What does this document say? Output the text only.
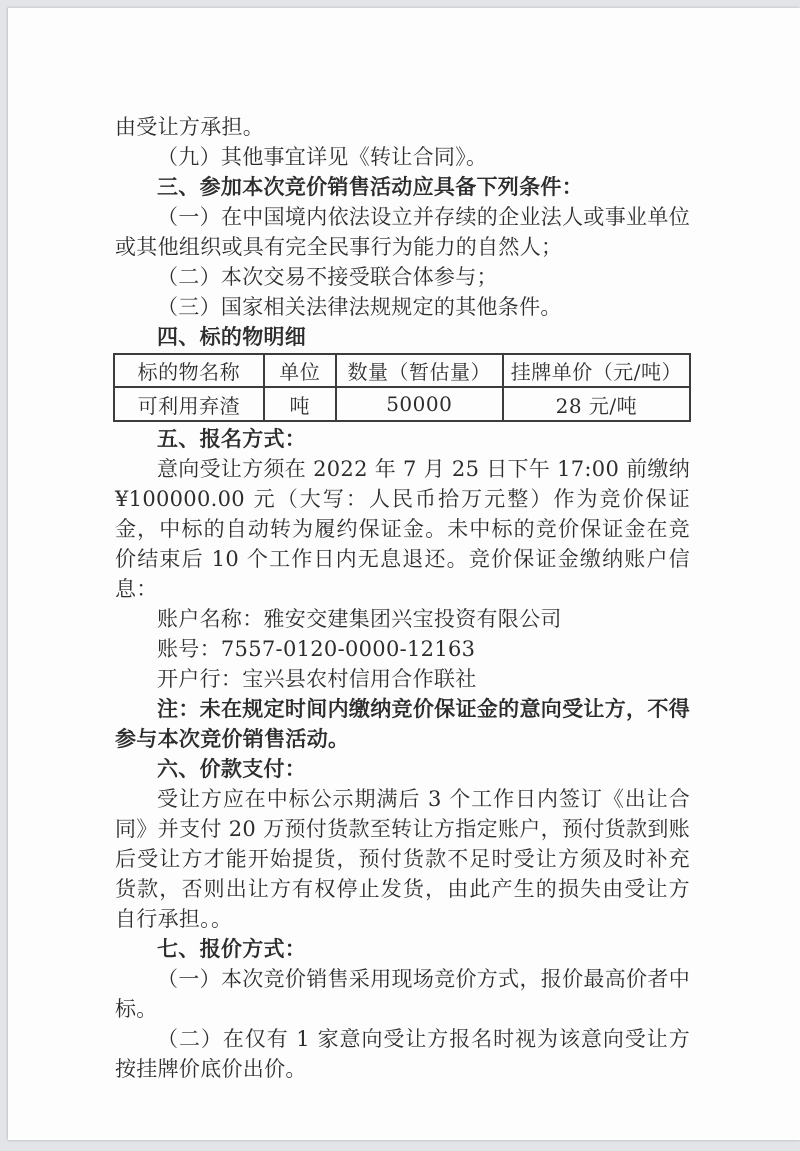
由受让方承担。

（九）其他事宜详见《转让合同》。

三、参加本次竞价销售活动应具备下列条件：

（一）在中国境内依法设立并存续的企业法人或事业单位或其他组织或具有完全民事行为能力的自然人；

（二）本次交易不接受联合体参与；

（三）国家相关法律法规规定的其他条件。

四、标的物明细

标的物名称	单位	数量（暂估量）	挂牌单价（元/吨）
可利用弃渣	吨	50000	28 元/吨

五、报名方式：

意向受让方须在 2022 年 7 月 25 日下午 17:00 前缴纳 ¥100000.00 元（大写：人民币拾万元整）作为竞价保证金，中标的自动转为履约保证金。未中标的竞价保证金在竞价结束后 10 个工作日内无息退还。竞价保证金缴纳账户信息：

账户名称：雅安交建集团兴宝投资有限公司

账号：7557-0120-0000-12163

开户行：宝兴县农村信用合作联社

注：未在规定时间内缴纳竞价保证金的意向受让方，不得参与本次竞价销售活动。

六、价款支付：

受让方应在中标公示期满后 3 个工作日内签订《出让合同》并支付 20 万预付货款至转让方指定账户，预付货款到账后受让方才能开始提货，预付货款不足时受让方须及时补充货款，否则出让方有权停止发货，由此产生的损失由受让方自行承担。。

七、报价方式：

（一）本次竞价销售采用现场竞价方式，报价最高价者中标。

（二）在仅有 1 家意向受让方报名时视为该意向受让方按挂牌价底价出价。
